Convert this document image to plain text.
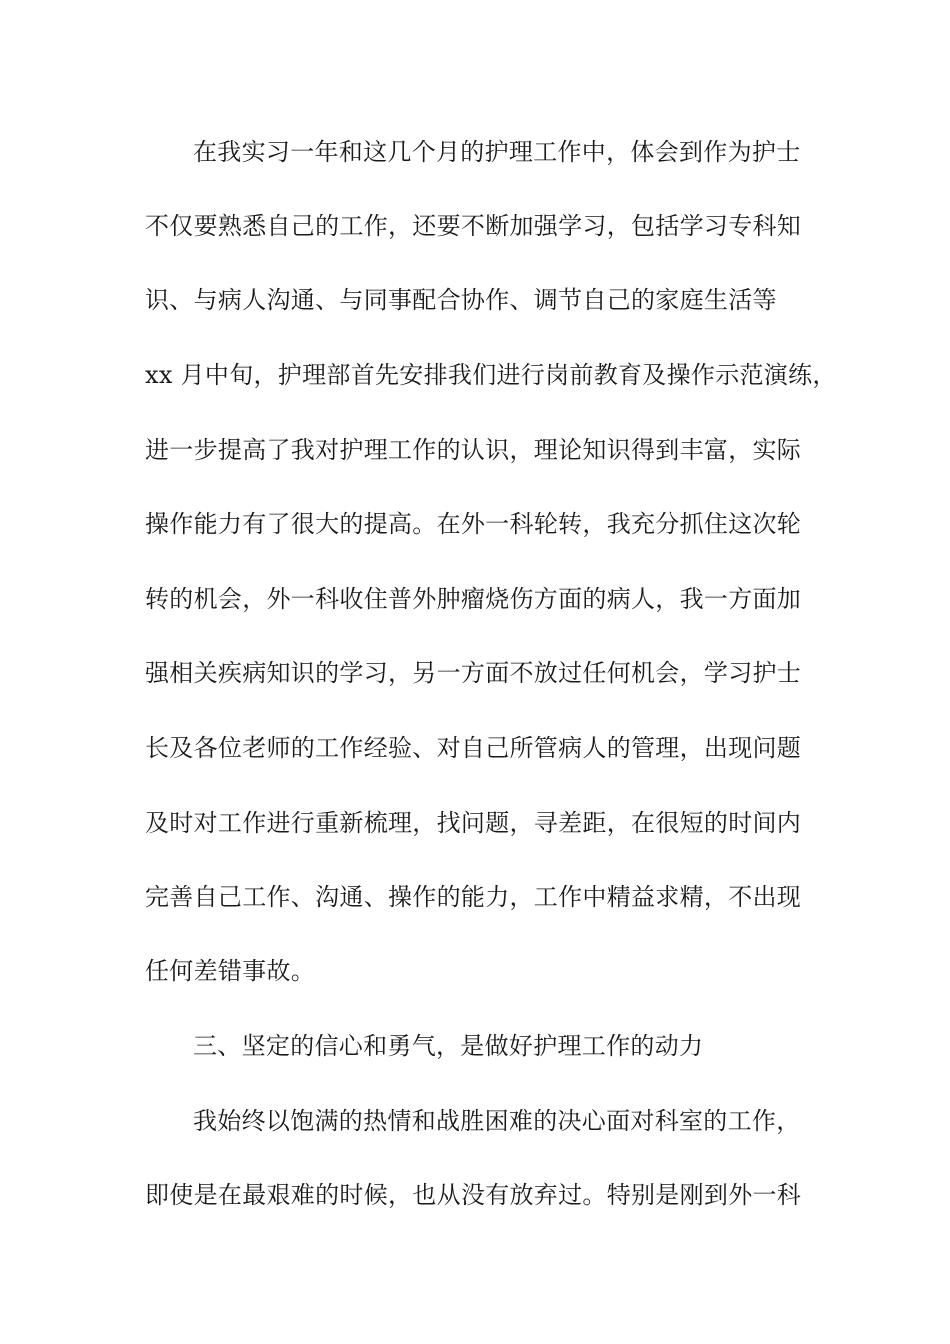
在我实习一年和这几个月的护理工作中，体会到作为护士
不仅要熟悉自己的工作，还要不断加强学习，包括学习专科知
识、与病人沟通、与同事配合协作、调节自己的家庭生活等
xx 月中旬，护理部首先安排我们进行岗前教育及操作示范演练，
进一步提高了我对护理工作的认识，理论知识得到丰富，实际
操作能力有了很大的提高。在外一科轮转，我充分抓住这次轮
转的机会，外一科收住普外肿瘤烧伤方面的病人，我一方面加
强相关疾病知识的学习，另一方面不放过任何机会，学习护士
长及各位老师的工作经验、对自己所管病人的管理，出现问题
及时对工作进行重新梳理，找问题，寻差距，在很短的时间内
完善自己工作、沟通、操作的能力，工作中精益求精，不出现
任何差错事故。
三、坚定的信心和勇气，是做好护理工作的动力
我始终以饱满的热情和战胜困难的决心面对科室的工作，
即使是在最艰难的时候，也从没有放弃过。特别是刚到外一科
